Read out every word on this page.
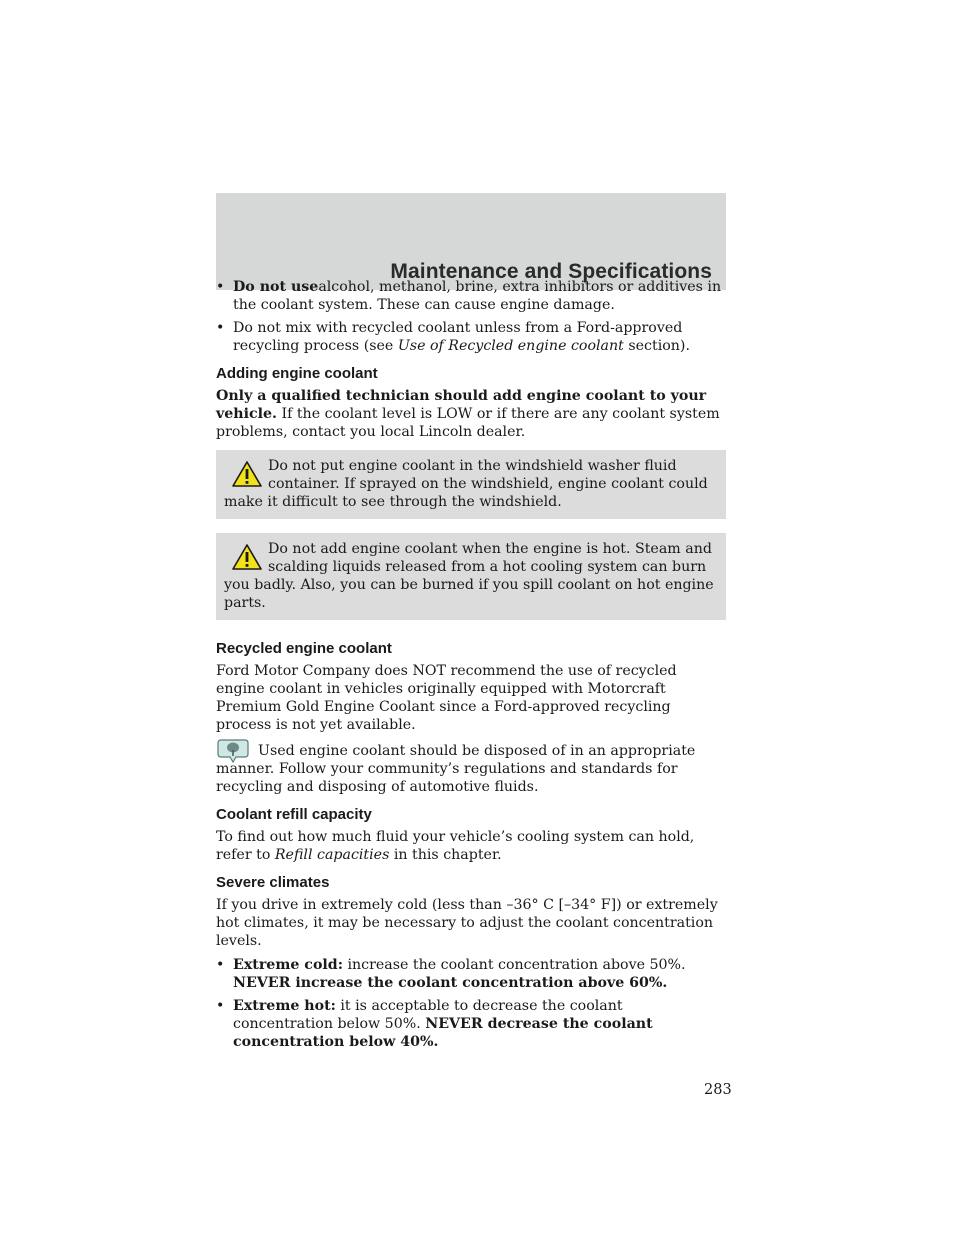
Maintenance and Specifications
• Do not usealcohol, methanol, brine, extra inhibitors or additives in the coolant system. These can cause engine damage.
• Do not mix with recycled coolant unless from a Ford-approved recycling process (see Use of Recycled engine coolant section).
Adding engine coolant

Only a qualified technician should add engine coolant to your vehicle. If the coolant level is LOW or if there are any coolant system problems, contact you local Lincoln dealer.

Do not put engine coolant in the windshield washer fluid container. If sprayed on the windshield, engine coolant could make it difficult to see through the windshield.
Do not add engine coolant when the engine is hot. Steam and scalding liquids released from a hot cooling system can burn you badly. Also, you can be burned if you spill coolant on hot engine parts.
Recycled engine coolant

Ford Motor Company does NOT recommend the use of recycled engine coolant in vehicles originally equipped with Motorcraft Premium Gold Engine Coolant since a Ford-approved recycling process is not yet available.

Used engine coolant should be disposed of in an appropriate manner. Follow your community’s regulations and standards for recycling and disposing of automotive fluids.
Coolant refill capacity

To find out how much fluid your vehicle’s cooling system can hold, refer to Refill capacities in this chapter.

Severe climates

If you drive in extremely cold (less than –36° C [–34° F]) or extremely hot climates, it may be necessary to adjust the coolant concentration levels.

• Extreme cold: increase the coolant concentration above 50%. NEVER increase the coolant concentration above 60%.
• Extreme hot: it is acceptable to decrease the coolant concentration below 50%. NEVER decrease the coolant concentration below 40%.
283
